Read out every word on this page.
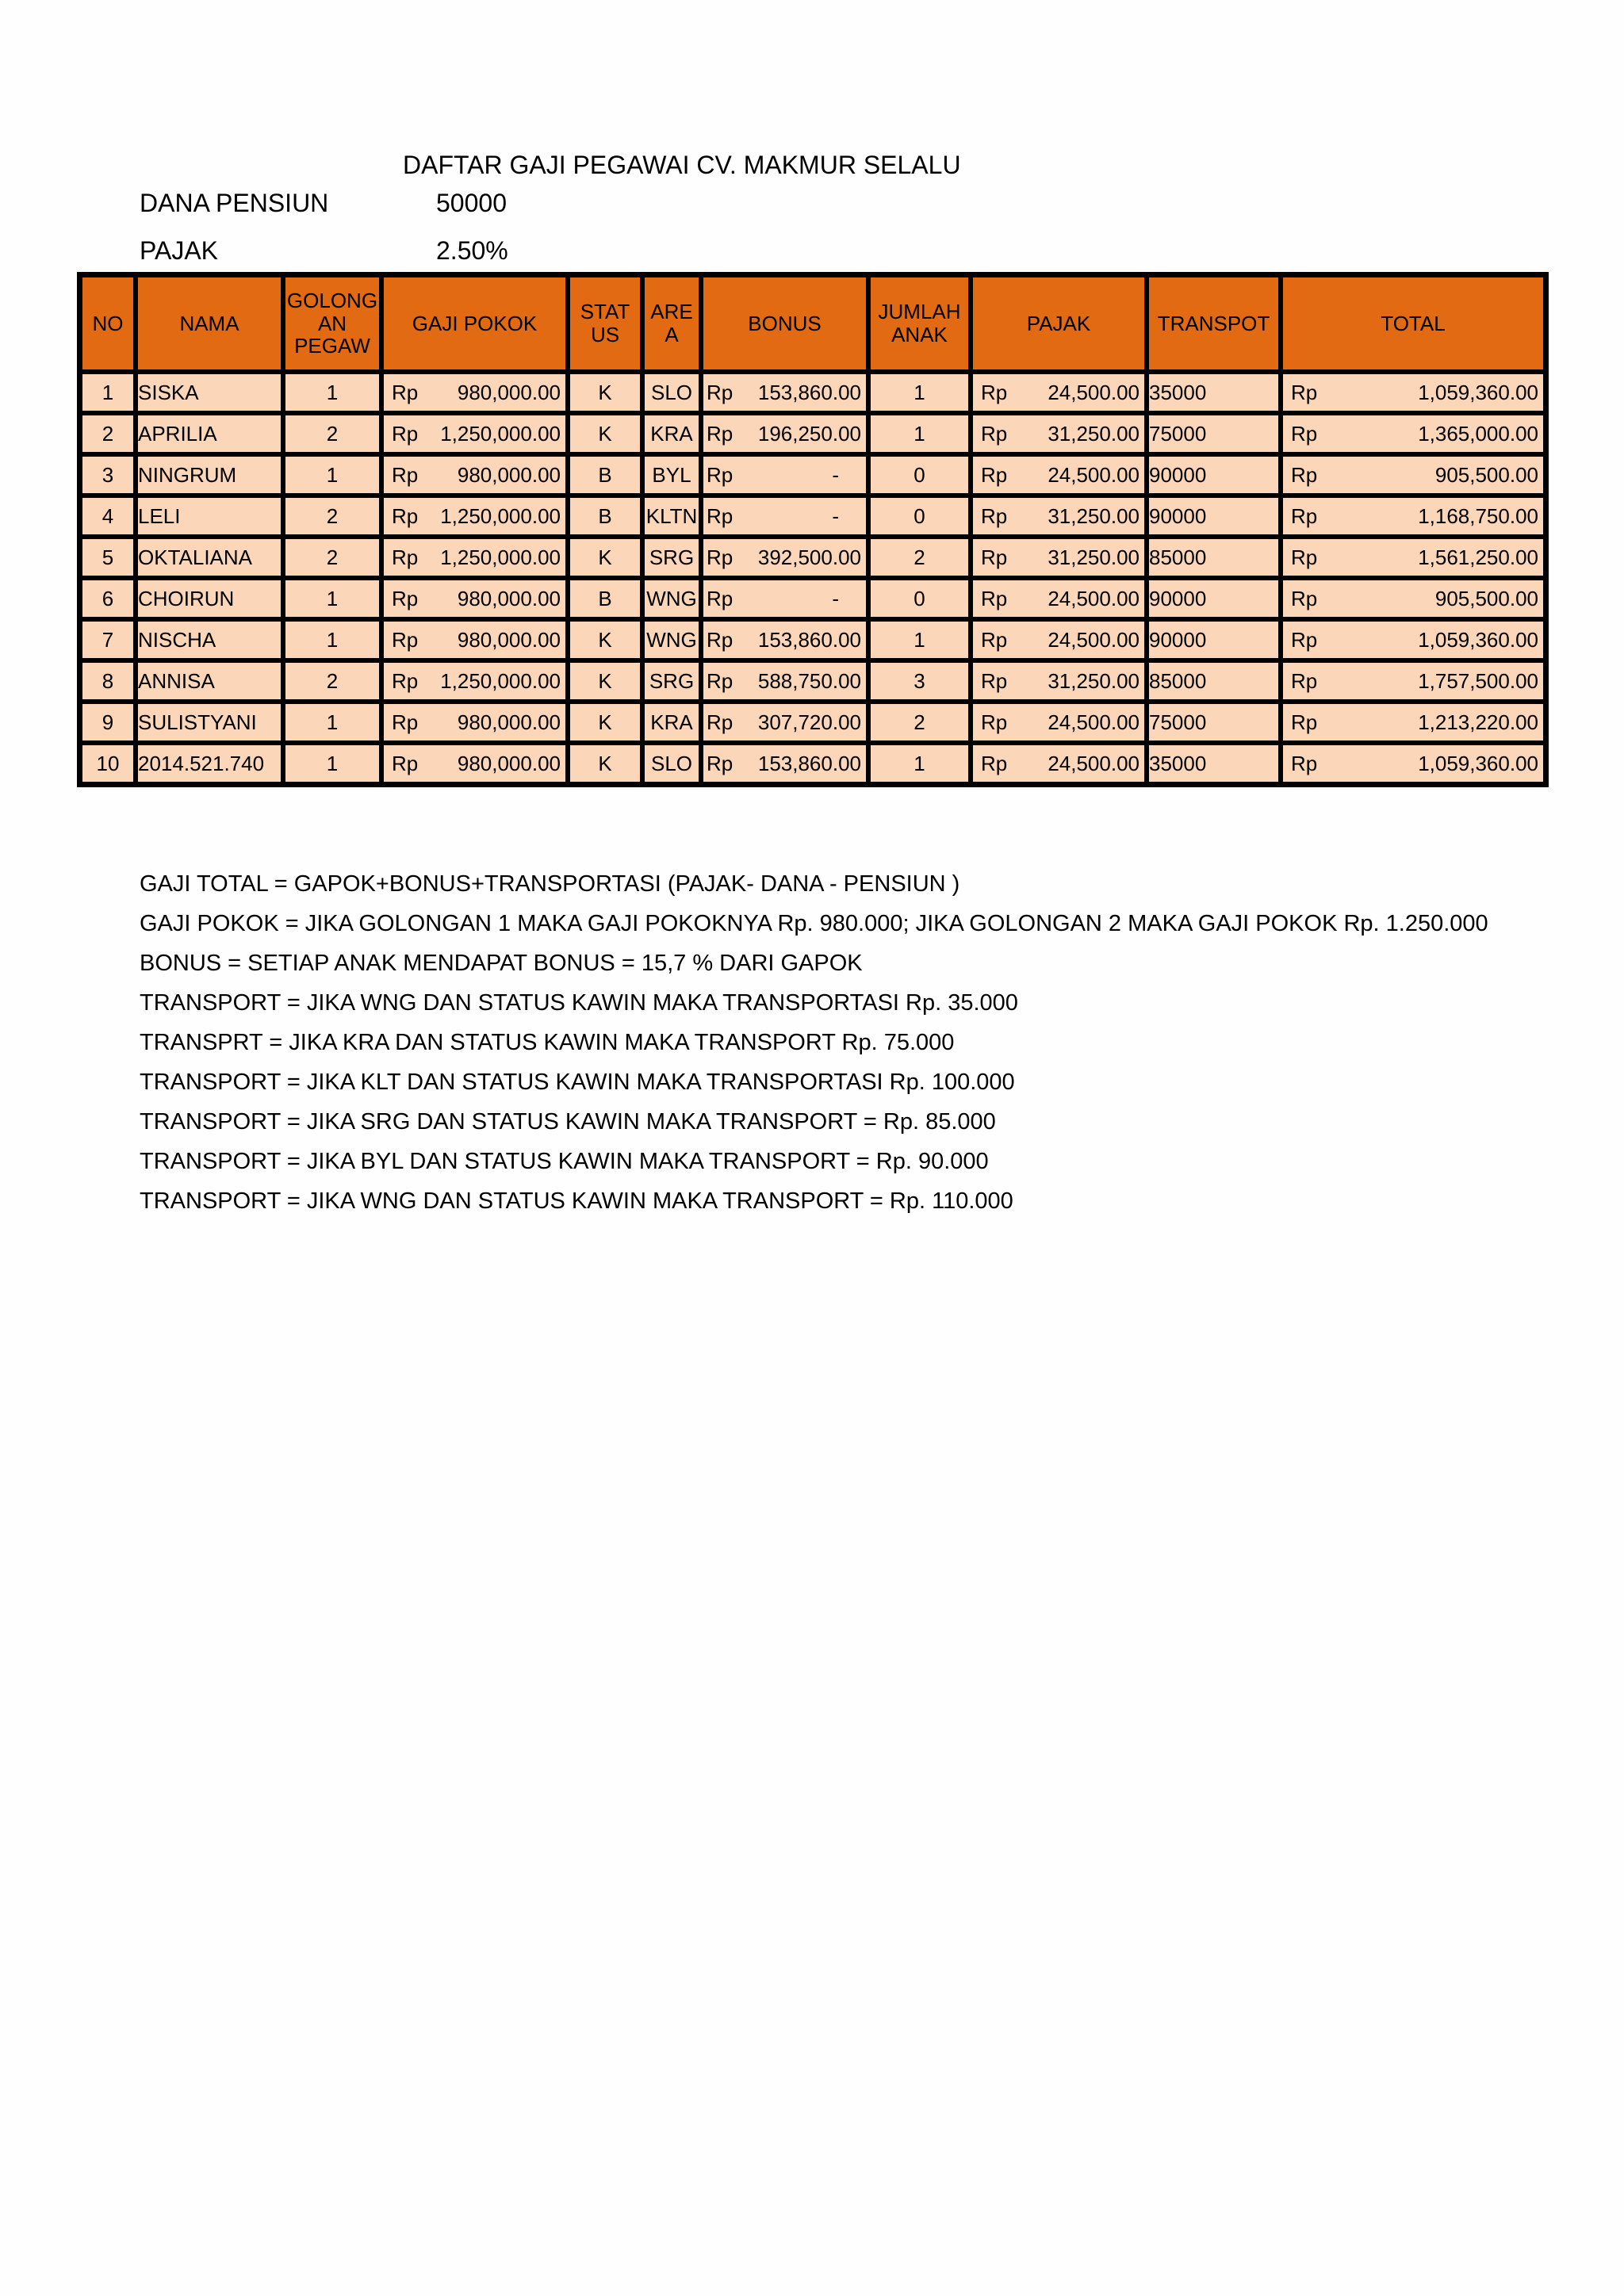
DAFTAR GAJI PEGAWAI CV. MAKMUR SELALU
DANA PENSIUN	50000
PAJAK	2.50%
NO	NAMA	GOLONG AN PEGAW	GAJI POKOK	STAT US	ARE A	BONUS	JUMLAH ANAK	PAJAK	TRANSPOT	TOTAL
1	SISKA	1	Rp 980,000.00	K	SLO	Rp 153,860.00	1	Rp 24,500.00	35000	Rp 1,059,360.00

2	APRILIA	2	Rp 1,250,000.00	K	KRA	Rp 196,250.00	1	Rp 31,250.00	75000	Rp 1,365,000.00

3	NINGRUM	1	Rp 980,000.00	B	BYL	Rp -	0	Rp 24,500.00	90000	Rp 905,500.00

4	LELI	2	Rp 1,250,000.00	B	KLTN	Rp -	0	Rp 31,250.00	90000	Rp 1,168,750.00

5	OKTALIANA	2	Rp 1,250,000.00	K	SRG	Rp 392,500.00	2	Rp 31,250.00	85000	Rp 1,561,250.00

6	CHOIRUN	1	Rp 980,000.00	B	WNG	Rp -	0	Rp 24,500.00	90000	Rp 905,500.00

7	NISCHA	1	Rp 980,000.00	K	WNG	Rp 153,860.00	1	Rp 24,500.00	90000	Rp 1,059,360.00

8	ANNISA	2	Rp 1,250,000.00	K	SRG	Rp 588,750.00	3	Rp 31,250.00	85000	Rp 1,757,500.00

9	SULISTYANI	1	Rp 980,000.00	K	KRA	Rp 307,720.00	2	Rp 24,500.00	75000	Rp 1,213,220.00

10	2014.521.740	1	Rp 980,000.00	K	SLO	Rp 153,860.00	1	Rp 24,500.00	35000	Rp 1,059,360.00
GAJI TOTAL = GAPOK+BONUS+TRANSPORTASI (PAJAK- DANA - PENSIUN )
GAJI POKOK = JIKA GOLONGAN 1 MAKA GAJI POKOKNYA Rp. 980.000; JIKA GOLONGAN 2 MAKA GAJI POKOK Rp. 1.250.000
BONUS = SETIAP ANAK MENDAPAT BONUS = 15,7 % DARI GAPOK
TRANSPORT = JIKA WNG DAN STATUS KAWIN MAKA TRANSPORTASI Rp. 35.000
TRANSPRT = JIKA KRA DAN STATUS KAWIN MAKA TRANSPORT Rp. 75.000
TRANSPORT = JIKA KLT DAN STATUS KAWIN MAKA TRANSPORTASI Rp. 100.000
TRANSPORT = JIKA SRG DAN STATUS KAWIN MAKA TRANSPORT = Rp. 85.000
TRANSPORT = JIKA BYL DAN STATUS KAWIN MAKA TRANSPORT = Rp. 90.000
TRANSPORT = JIKA WNG DAN STATUS KAWIN MAKA TRANSPORT = Rp. 110.000
